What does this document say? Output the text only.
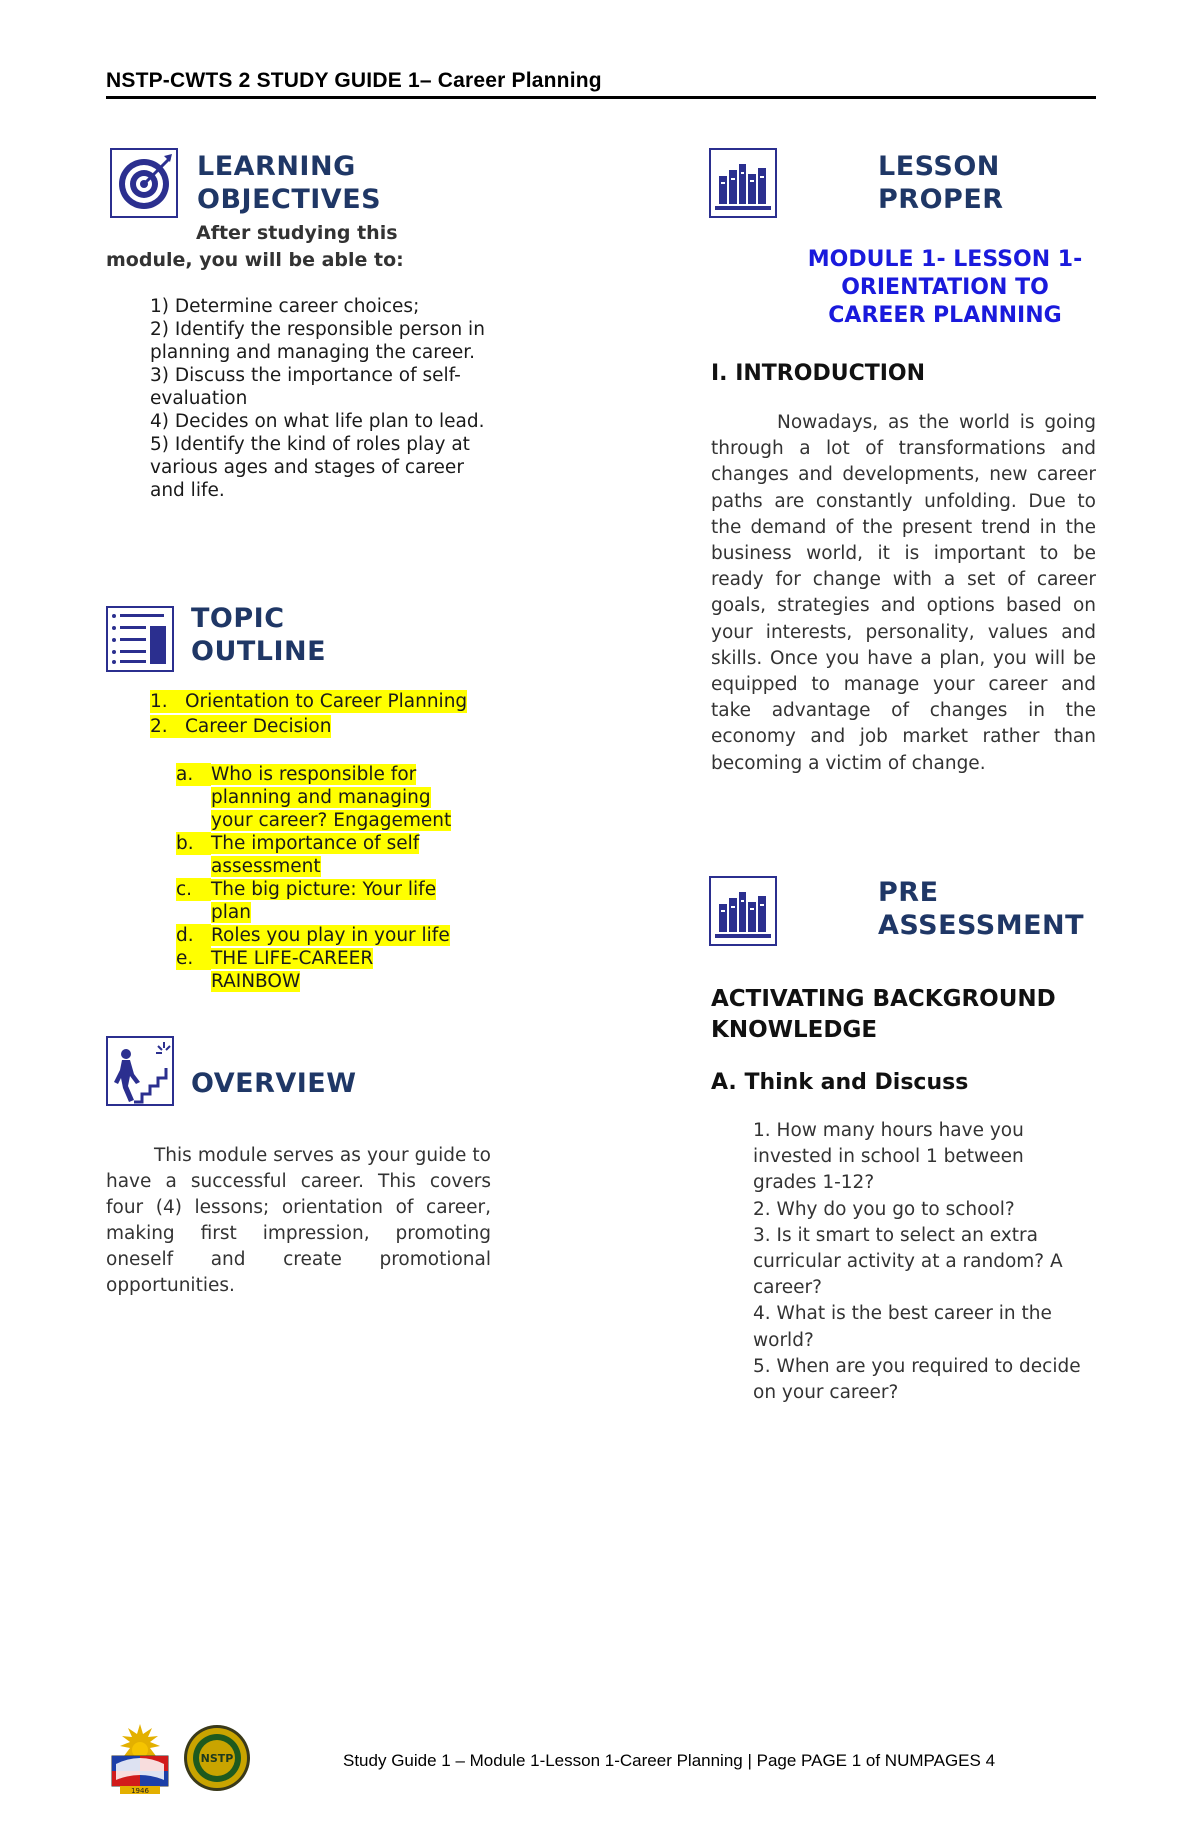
NSTP-CWTS 2 STUDY GUIDE 1– Career Planning
LEARNING
OBJECTIVES
After studying this
module, you will be able to:
1) Determine career choices;
2) Identify the responsible person in planning and managing the career.
3) Discuss the importance of self-evaluation
4) Decides on what life plan to lead.
5) Identify the kind of roles play at various ages and stages of career and life.
TOPIC
OUTLINE
1. Orientation to Career Planning
2. Career Decision
a. Who is responsible for planning and managing your career? Engagement
b. The importance of self assessment
c.	The big picture: Your life plan
d. Roles you play in your life
e. THE LIFE-CAREER RAINBOW
OVERVIEW
This module serves as your guide to have a successful career. This covers four (4) lessons; orientation of career, making first impression, promoting oneself and create promotional opportunities.
LESSON
PROPER
MODULE 1- LESSON 1-
ORIENTATION TO
CAREER PLANNING
I. INTRODUCTION
Nowadays, as the world is going through a lot of transformations and changes and developments, new career paths are constantly unfolding. Due to the demand of the present trend in the business world, it is important to be ready for change with a set of career goals, strategies and options based on your interests, personality, values and skills. Once you have a plan, you will be equipped to manage your career and take advantage of changes in the economy and job market rather than becoming a victim of change.
PRE
ASSESSMENT
ACTIVATING BACKGROUND
KNOWLEDGE
A. Think and Discuss
1. How many hours have you invested in school 1 between grades 1-12?
2. Why do you go to school?
3. Is it smart to select an extra curricular activity at a random? A career?
4. What is the best career in the world?
5. When are you required to decide on your career?
1946
NSTP	Study Guide 1 – Module 1-Lesson 1-Career Planning | Page PAGE 1 of NUMPAGES 4
